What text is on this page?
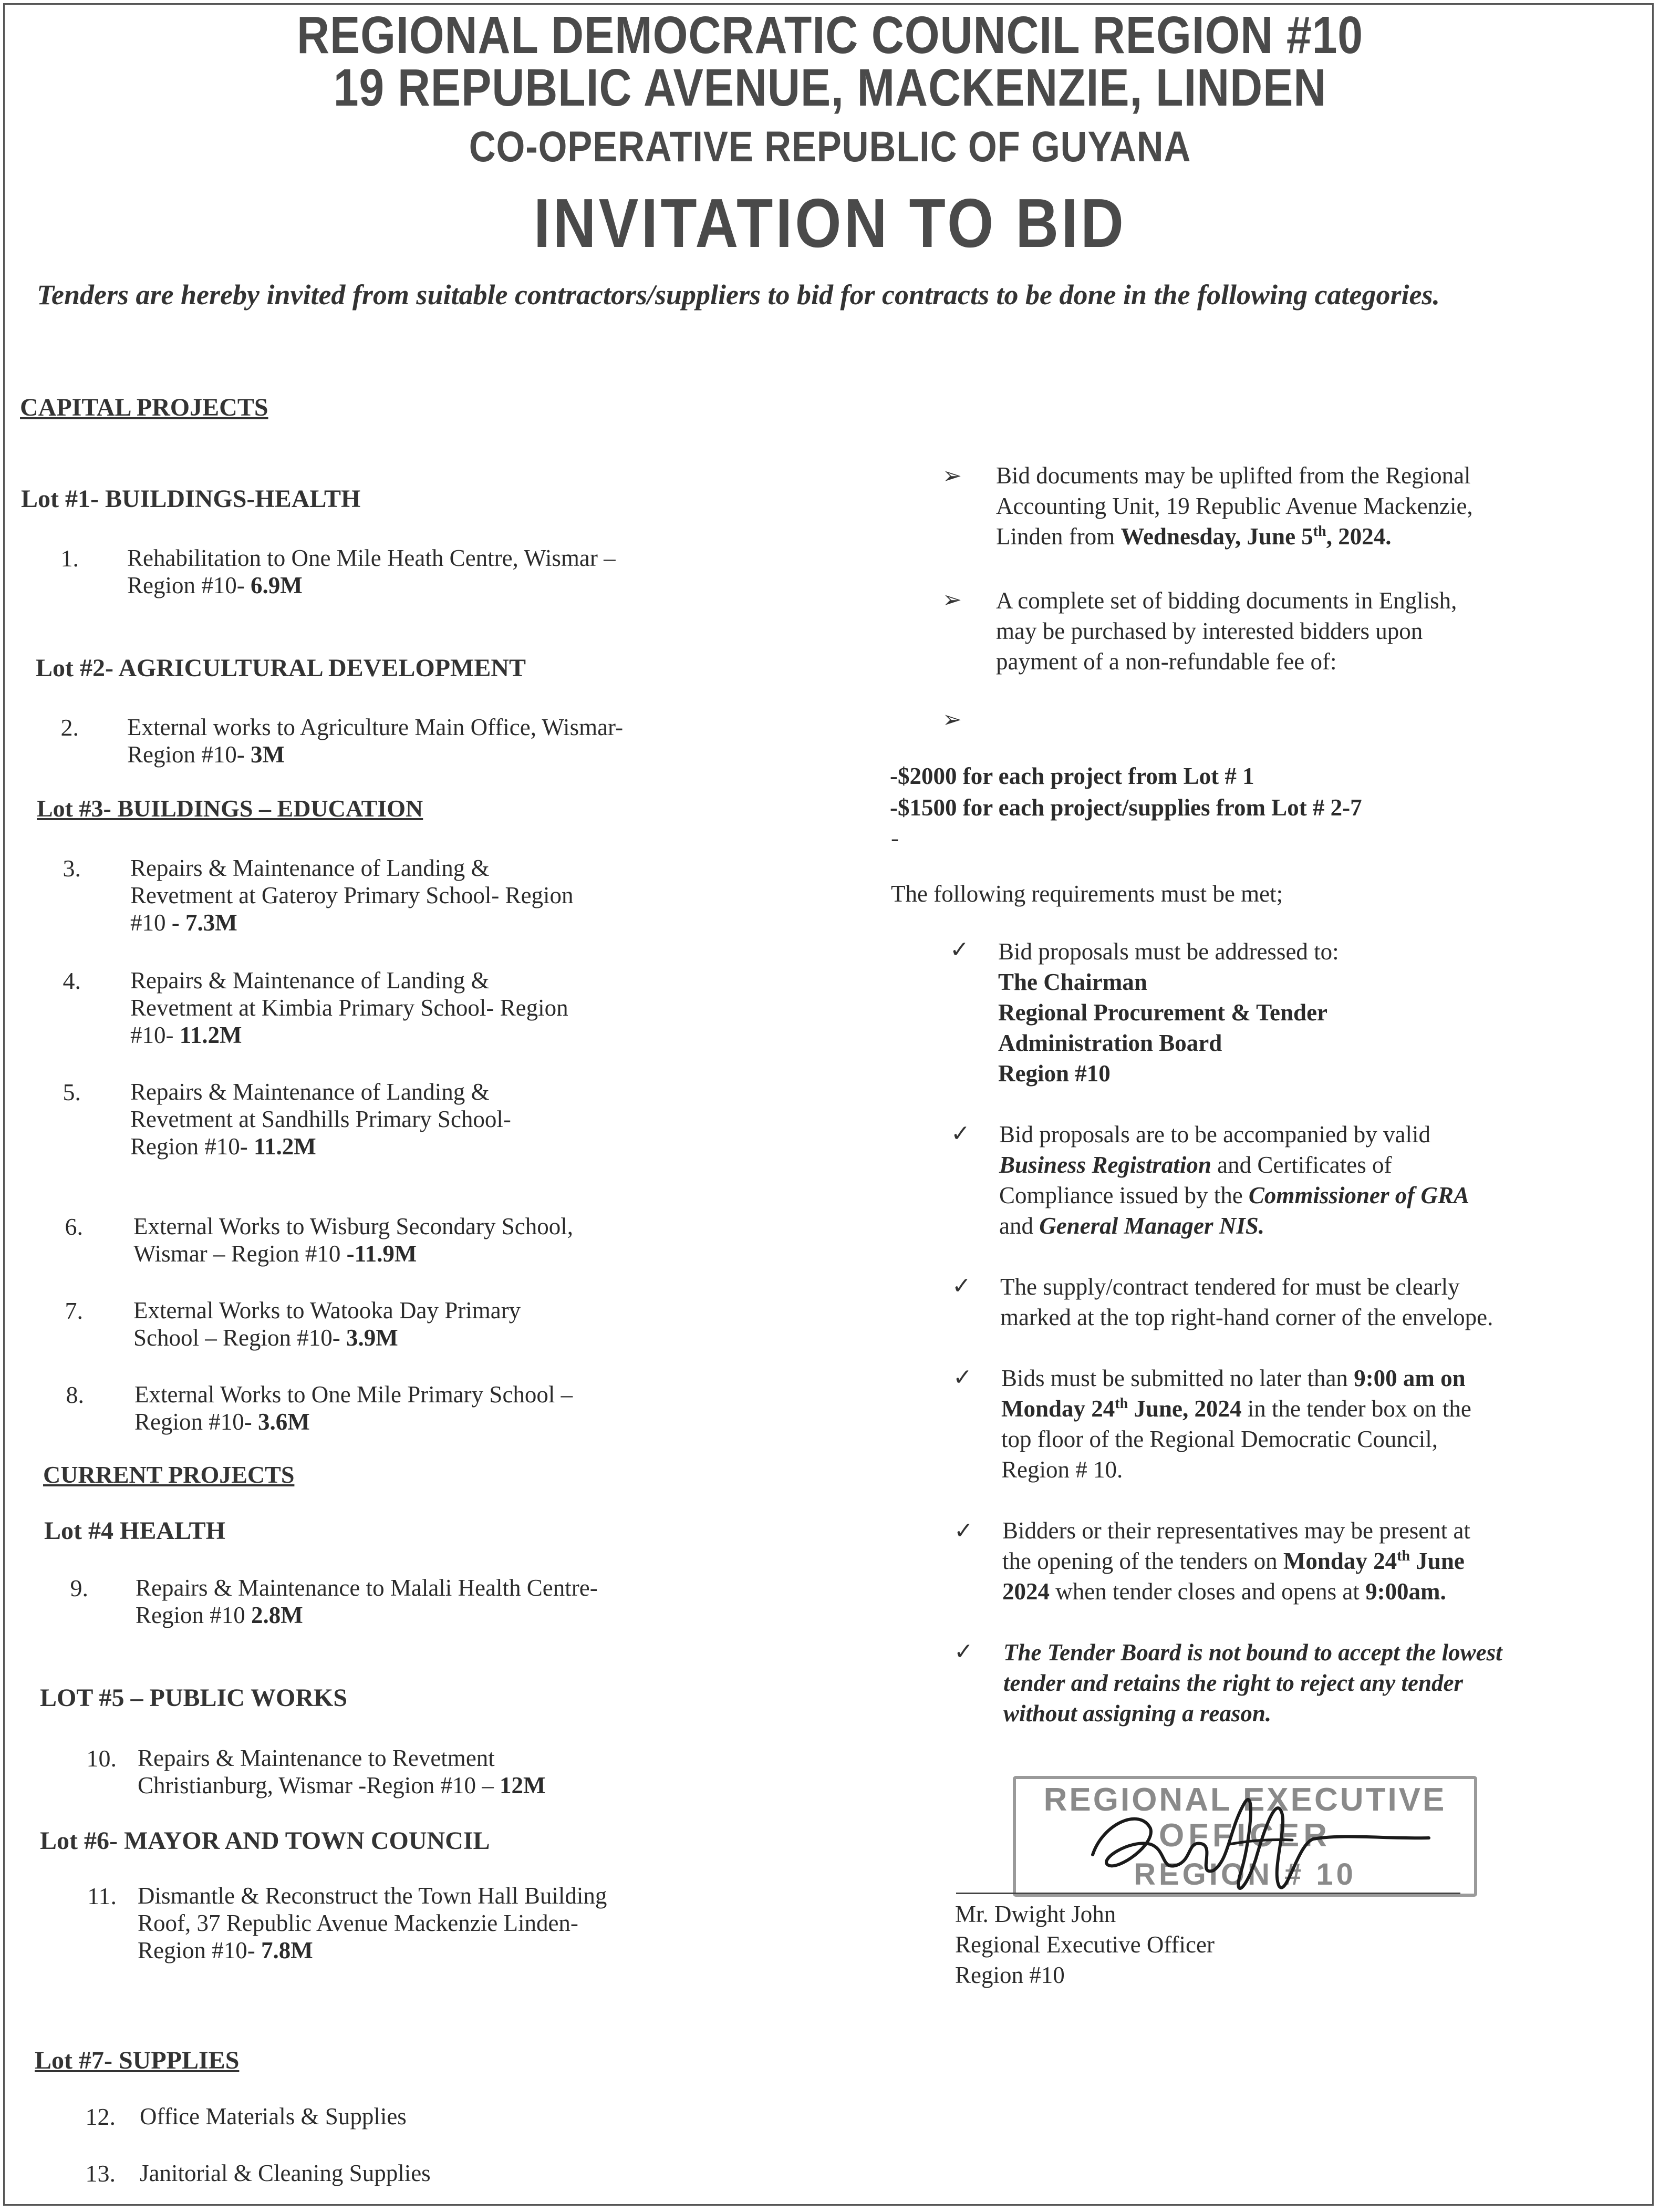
REGIONAL DEMOCRATIC COUNCIL REGION #10
19 REPUBLIC AVENUE, MACKENZIE, LINDEN
CO-OPERATIVE REPUBLIC OF GUYANA
INVITATION TO BID
Tenders are hereby invited from suitable contractors/suppliers to bid for contracts to be done in the following categories.
CAPITAL PROJECTS
Lot #1- BUILDINGS-HEALTH
1. Rehabilitation to One Mile Heath Centre, Wismar –
Region #10- 6.9M
Lot #2- AGRICULTURAL DEVELOPMENT
2. External works to Agriculture Main Office, Wismar-
Region #10- 3M
Lot #3- BUILDINGS – EDUCATION
3. Repairs & Maintenance of Landing &
Revetment at Gateroy Primary School- Region
#10 - 7.3M
4. Repairs & Maintenance of Landing &
Revetment at Kimbia Primary School- Region
#10- 11.2M
5. Repairs & Maintenance of Landing &
Revetment at Sandhills Primary School-
Region #10- 11.2M
6. External Works to Wisburg Secondary School,
Wismar – Region #10 -11.9M
7. External Works to Watooka Day Primary
School – Region #10- 3.9M
8. External Works to One Mile Primary School –
Region #10- 3.6M
CURRENT PROJECTS
Lot #4 HEALTH
9. Repairs & Maintenance to Malali Health Centre-
Region #10 2.8M
LOT #5 – PUBLIC WORKS
10. Repairs & Maintenance to Revetment
Christianburg, Wismar -Region #10 – 12M
Lot #6- MAYOR AND TOWN COUNCIL
11. Dismantle & Reconstruct the Town Hall Building
Roof, 37 Republic Avenue Mackenzie Linden-
Region #10- 7.8M
Lot #7- SUPPLIES
12. Office Materials & Supplies
13. Janitorial & Cleaning Supplies
➢ Bid documents may be uplifted from the Regional
Accounting Unit, 19 Republic Avenue Mackenzie,
Linden from Wednesday, June 5th, 2024.
➢ A complete set of bidding documents in English,
may be purchased by interested bidders upon
payment of a non-refundable fee of:
➢
-$2000 for each project from Lot # 1
-$1500 for each project/supplies from Lot # 2-7
-
The following requirements must be met;
✓ Bid proposals must be addressed to:
The Chairman
Regional Procurement & Tender
Administration Board
Region #10
✓ Bid proposals are to be accompanied by valid
Business Registration and Certificates of
Compliance issued by the Commissioner of GRA
and General Manager NIS.
✓ The supply/contract tendered for must be clearly
marked at the top right-hand corner of the envelope.
✓ Bids must be submitted no later than 9:00 am on
Monday 24th June, 2024 in the tender box on the
top floor of the Regional Democratic Council,
Region # 10.
✓ Bidders or their representatives may be present at
the opening of the tenders on Monday 24th June
2024 when tender closes and opens at 9:00am.
✓ The Tender Board is not bound to accept the lowest
tender and retains the right to reject any tender
without assigning a reason.
REGIONAL EXECUTIVE
OFFICER
REGION # 10
Mr. Dwight John
Regional Executive Officer
Region #10
